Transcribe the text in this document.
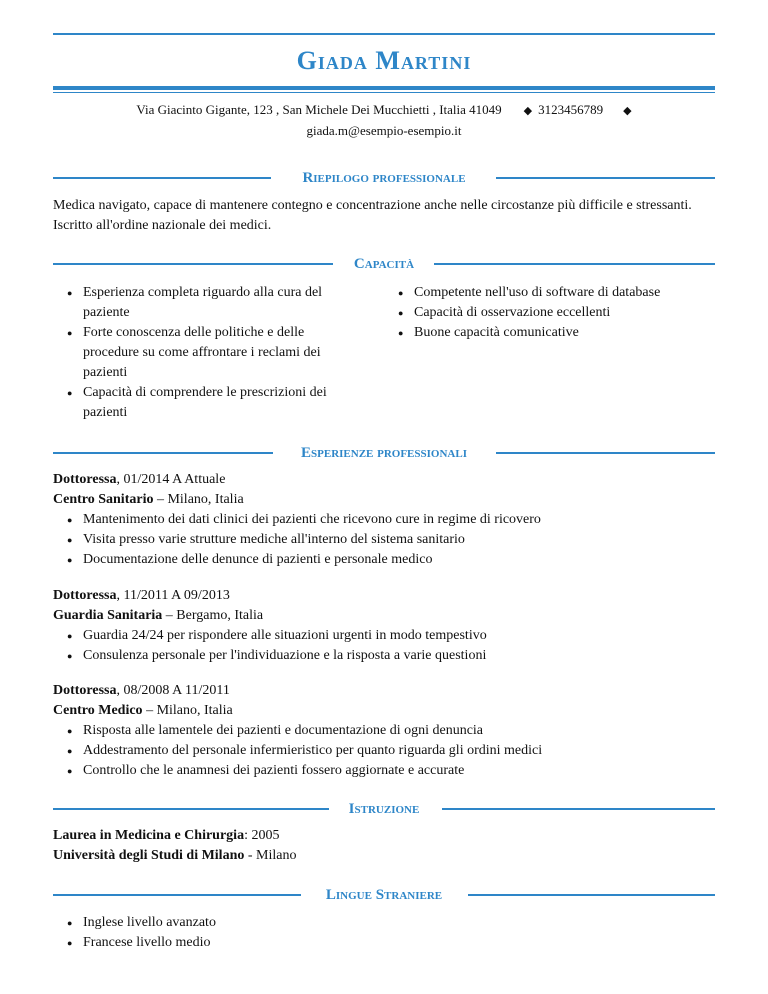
Giada Martini
Via Giacinto Gigante, 123 , San Michele Dei Mucchietti , Italia 41049 ◆ 3123456789 ◆
giada.m@esempio-esempio.it
Riepilogo professionale
Medica navigato, capace di mantenere contegno e concentrazione anche nelle circostanze più difficile e stressanti. Iscritto all'ordine nazionale dei medici.
Capacità
● Esperienza completa riguardo alla cura del paziente
● Forte conoscenza delle politiche e delle procedure su come affrontare i reclami dei pazienti
● Capacità di comprendere le prescrizioni dei pazienti
● Competente nell'uso di software di database
● Capacità di osservazione eccellenti
● Buone capacità comunicative
Esperienze professionali
Dottoressa, 01/2014 A Attuale
Centro Sanitario – Milano, Italia
● Mantenimento dei dati clinici dei pazienti che ricevono cure in regime di ricovero
● Visita presso varie strutture mediche all'interno del sistema sanitario
● Documentazione delle denunce di pazienti e personale medico
Dottoressa, 11/2011 A 09/2013
Guardia Sanitaria – Bergamo, Italia
● Guardia 24/24 per rispondere alle situazioni urgenti in modo tempestivo
● Consulenza personale per l'individuazione e la risposta a varie questioni
Dottoressa, 08/2008 A 11/2011
Centro Medico – Milano, Italia
● Risposta alle lamentele dei pazienti e documentazione di ogni denuncia
● Addestramento del personale infermieristico per quanto riguarda gli ordini medici
● Controllo che le anamnesi dei pazienti fossero aggiornate e accurate
Istruzione
Laurea in Medicina e Chirurgia: 2005
Università degli Studi di Milano - Milano
Lingue Straniere
● Inglese livello avanzato
● Francese livello medio
